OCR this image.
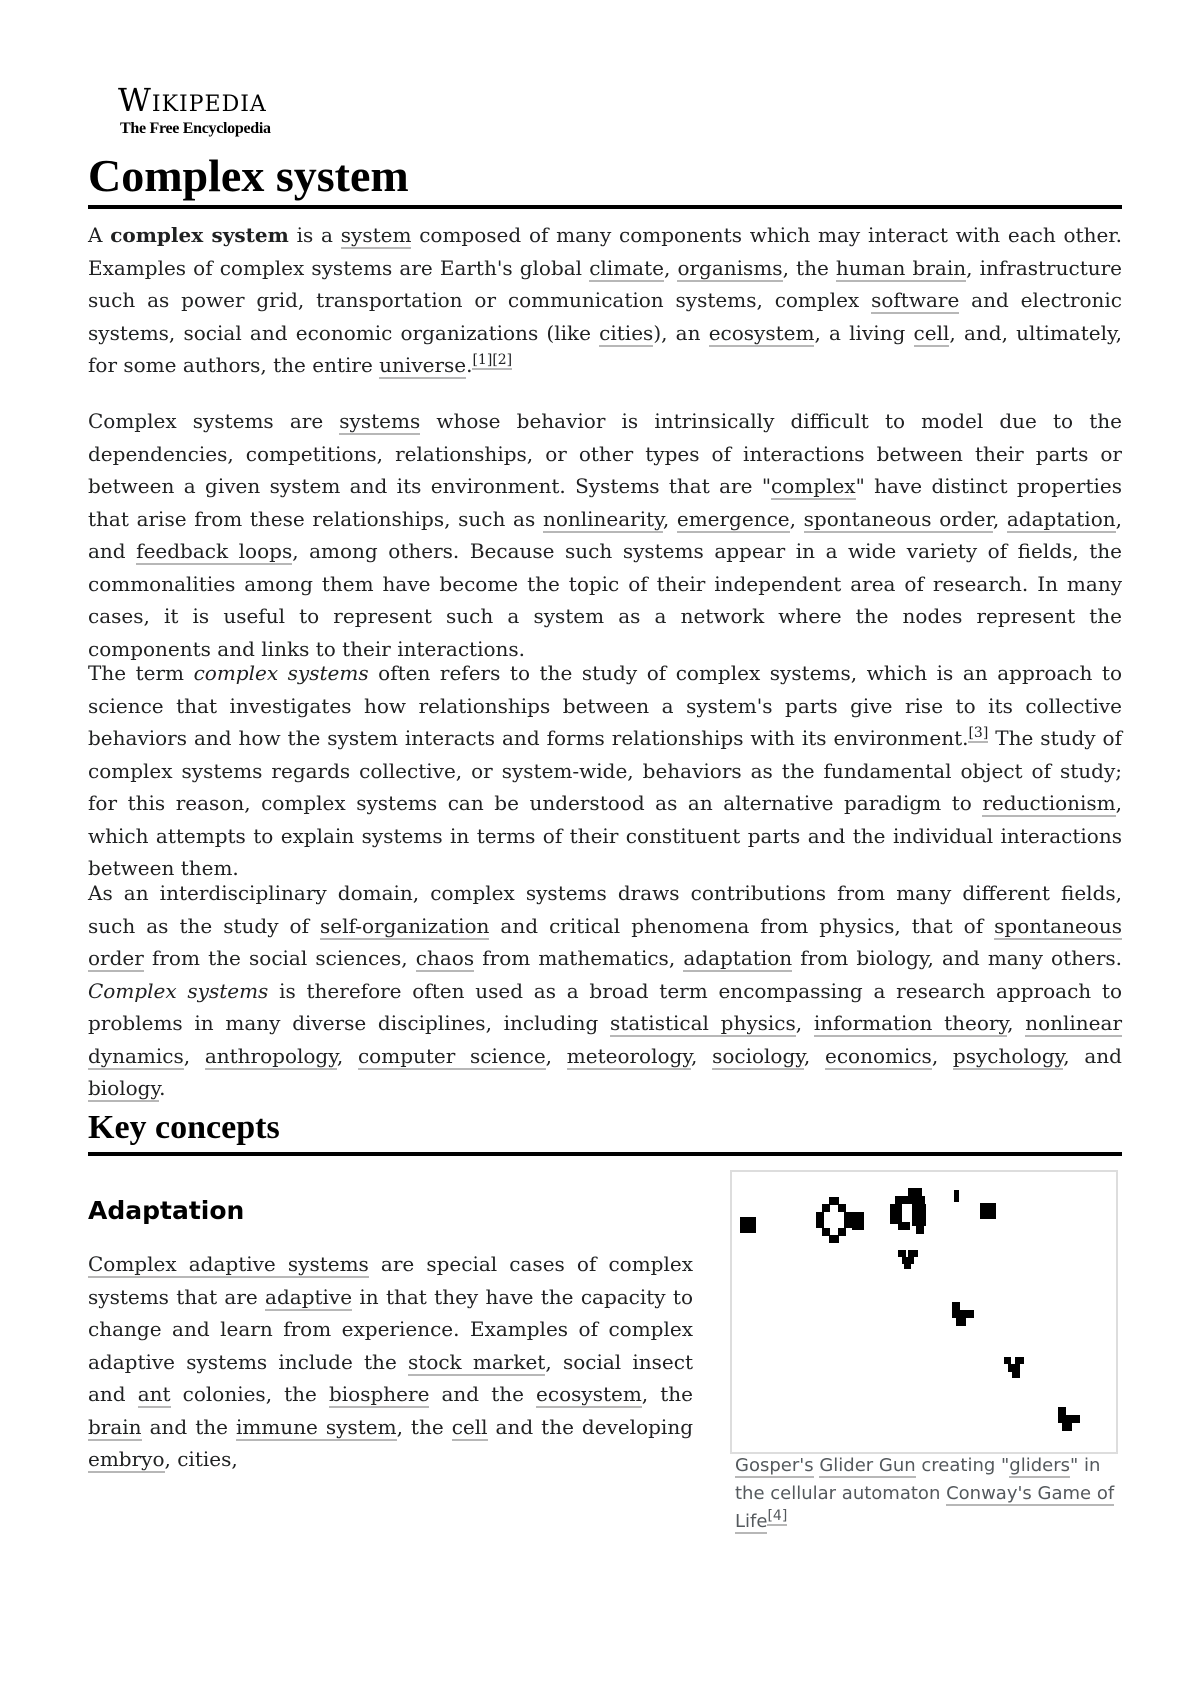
Wikipedia
The Free Encyclopedia
Complex system

A complex system is a system composed of many components which may interact with each other. Examples of complex systems are Earth's global climate, organisms, the human brain, infrastructure such as power grid, transportation or communication systems, complex software and electronic systems, social and economic organizations (like cities), an ecosystem, a living cell, and, ultimately, for some authors, the entire universe.[1][2]

Complex systems are systems whose behavior is intrinsically difficult to model due to the dependencies, competitions, relationships, or other types of interactions between their parts or between a given system and its environment. Systems that are "complex" have distinct properties that arise from these relationships, such as nonlinearity, emergence, spontaneous order, adaptation, and feedback loops, among others. Because such systems appear in a wide variety of fields, the commonalities among them have become the topic of their independent area of research. In many cases, it is useful to represent such a system as a network where the nodes represent the components and links to their interactions.

The term complex systems often refers to the study of complex systems, which is an approach to science that investigates how relationships between a system's parts give rise to its collective behaviors and how the system interacts and forms relationships with its environment.[3] The study of complex systems regards collective, or system-wide, behaviors as the fundamental object of study; for this reason, complex systems can be understood as an alternative paradigm to reductionism, which attempts to explain systems in terms of their constituent parts and the individual interactions between them.

As an interdisciplinary domain, complex systems draws contributions from many different fields, such as the study of self-organization and critical phenomena from physics, that of spontaneous order from the social sciences, chaos from mathematics, adaptation from biology, and many others. Complex systems is therefore often used as a broad term encompassing a research approach to problems in many diverse disciplines, including statistical physics, information theory, nonlinear dynamics, anthropology, computer science, meteorology, sociology, economics, psychology, and biology.

Key concepts
Adaptation

Complex adaptive systems are special cases of complex systems that are adaptive in that they have the capacity to change and learn from experience. Examples of complex adaptive systems include the stock market, social insect and ant colonies, the biosphere and the ecosystem, the brain and the immune system, the cell and the developing embryo, cities,	Gosper's Glider Gun creating "gliders" in the cellular automaton Conway's Game of Life[4]
